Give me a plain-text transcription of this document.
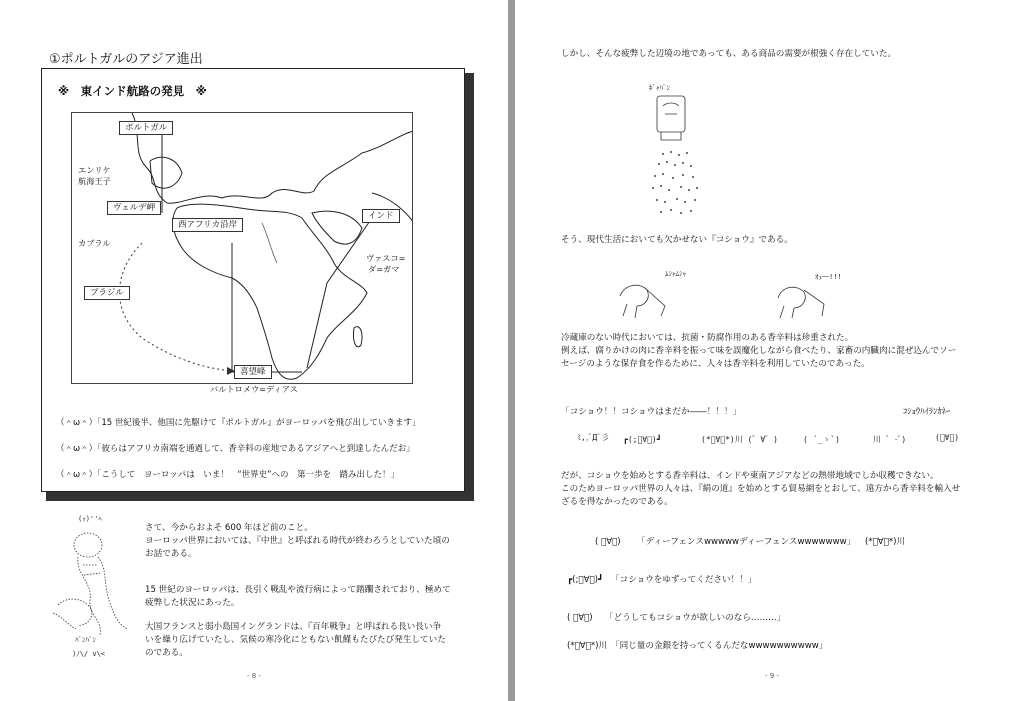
①ポルトガルのアジア進出
※　東インド航路の発見　※
ポルトガル
エンリケ
航海王子
ヴェルデ岬
西アフリカ沿岸
カブラル
ブラジル
インド
ヴァスコ=
ダ=ガマ
喜望峰
バルトロメウ=ディアス
（＾ω＾）「15 世紀後半、他国に先駆けて『ポルトガル』がヨーロッパを飛び出していきます」
（＾ω＾）「彼らはアフリカ南端を通過して、香辛料の産地であるアジアへと到達したんだお」
（＾ω＾）「こうして　ヨーロッパは　いま！　“世界史”への　第一歩を　踏み出した！」
(ｯ)''ﾍ
ﾊﾟﾝﾊﾟﾝ
)ﾉ\/ v\<
さて、今からおよそ 600 年ほど前のこと。
ヨーロッパ世界においては、『中世』と呼ばれる時代が終わろうとしていた頃の
お話である。
15 世紀のヨーロッパは、長引く戦乱や流行病によって踏躙されており、極めて
疲弊した状況にあった。
大国フランスと弱小島国イングランドは、『百年戦争』と呼ばれる長い長い争
いを繰り広げていたし、気候の寒冷化にともない飢饉もたびたび発生していた
のである。
- 8 -
しかし、そんな疲弊した辺境の地であっても、ある商品の需要が根強く存在していた。
ｷﾞｬﾊﾟﾝ
そう、現代生活においても欠かせない『コショウ』である。
ﾑｼｬﾑｼｬ	ｵｪｰｰ!!!
冷蔵庫のない時代においては、抗菌・防腐作用のある香辛料は珍重された。
例えば、腐りかけの肉に香辛料を振って味を誤魔化しながら食べたり、家畜の内臓肉に混ぜ込んでソー
セージのような保存食を作るために、人々は香辛料を利用していたのであった。
「コショウ！！コショウはまだか――！！！」	ｺｼｮｳﾊｲﾗﾝｶﾈｰ
ﾐ,,ﾟДﾟ彡 ┏(;ﾟ∀ﾟ)┛	(*ﾟ∀ﾟ*)川 (゜∀゜)	( ´_ゝ`)	川 ﾟ -ﾟ)	(ﾟ∀ﾟ)
だが、コショウを始めとする香辛料は、インドや東南アジアなどの熱帯地域でしか収穫できない。
このためヨーロッパ世界の人々は、『絹の道』を始めとする貿易網をとおして、遠方から香辛料を輸入せ
ざるを得なかったのである。
( ﾟ∀ﾟ) 「ディーフェンスwwwwwディーフェンスwwwwwww」 (*ﾟ∀ﾟ*)川
┏(;ﾟ∀ﾟ)┛ 「コショウをゆずってください！！」
( ﾟ∀ﾟ) 「どうしてもコショウが欲しいのなら………」
(*ﾟ∀ﾟ*)川 「同じ量の金銀を持ってくるんだなwwwwwwwwww」
- 9 -
